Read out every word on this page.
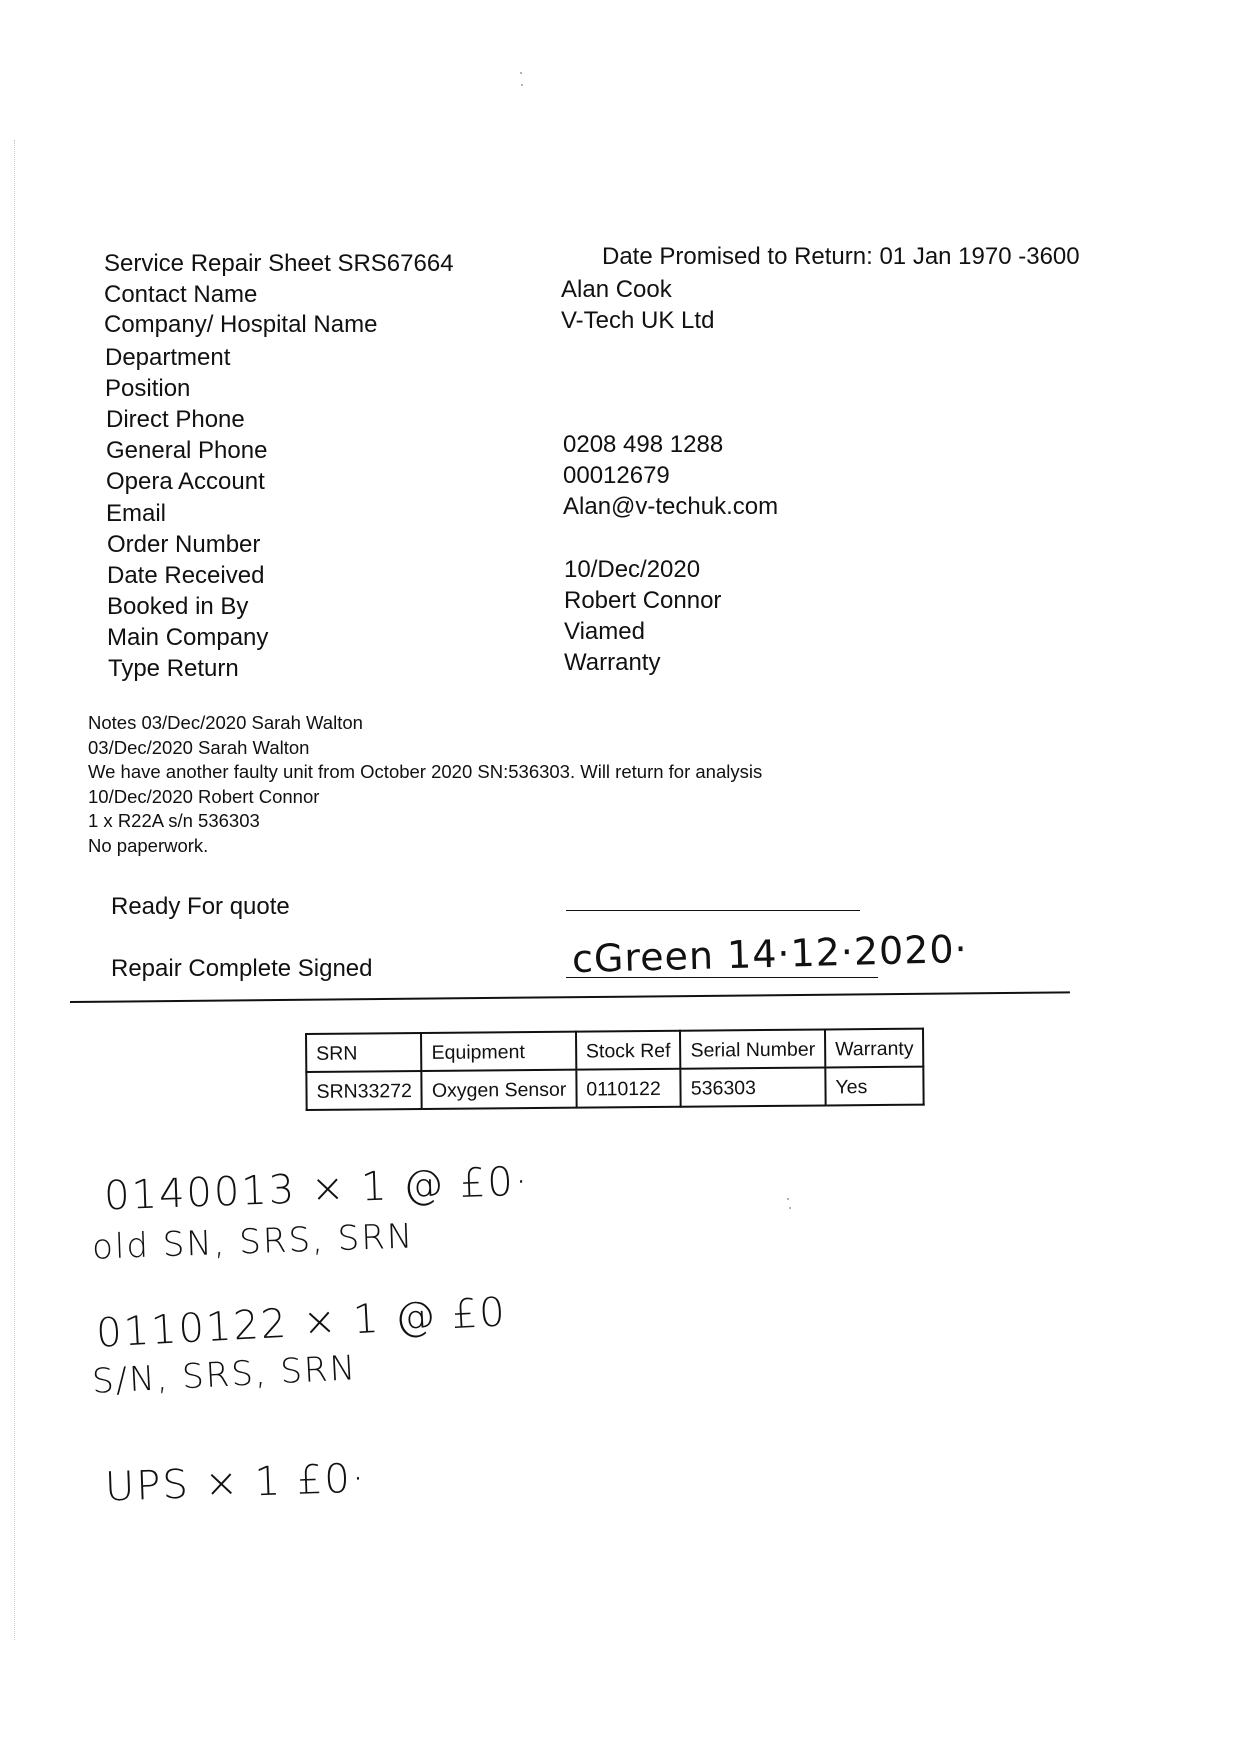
Service Repair Sheet SRS67664	Date Promised to Return: 01 Jan 1970 -3600
Contact Name	Alan Cook
Company/ Hospital Name	V-Tech UK Ltd
Department
Position
Direct Phone
General Phone	0208 498 1288
Opera Account	00012679
Email	Alan@v-techuk.com
Order Number
Date Received	10/Dec/2020
Booked in By	Robert Connor
Main Company	Viamed
Type Return	Warranty
Notes 03/Dec/2020 Sarah Walton
03/Dec/2020 Sarah Walton
We have another faulty unit from October 2020 SN:536303. Will return for analysis
10/Dec/2020 Robert Connor
1 x R22A s/n 536303
No paperwork.
Ready For quote
Repair Complete Signed	cGreen 14·12·2020·
SRN	Equipment	Stock Ref	Serial Number	Warranty
SRN33272	Oxygen Sensor	0110122	536303	Yes
0140013 × 1 @ £0·
old SN, SRS, SRN
0110122 × 1 @ £0
S/N, SRS, SRN
UPS × 1 £0·
